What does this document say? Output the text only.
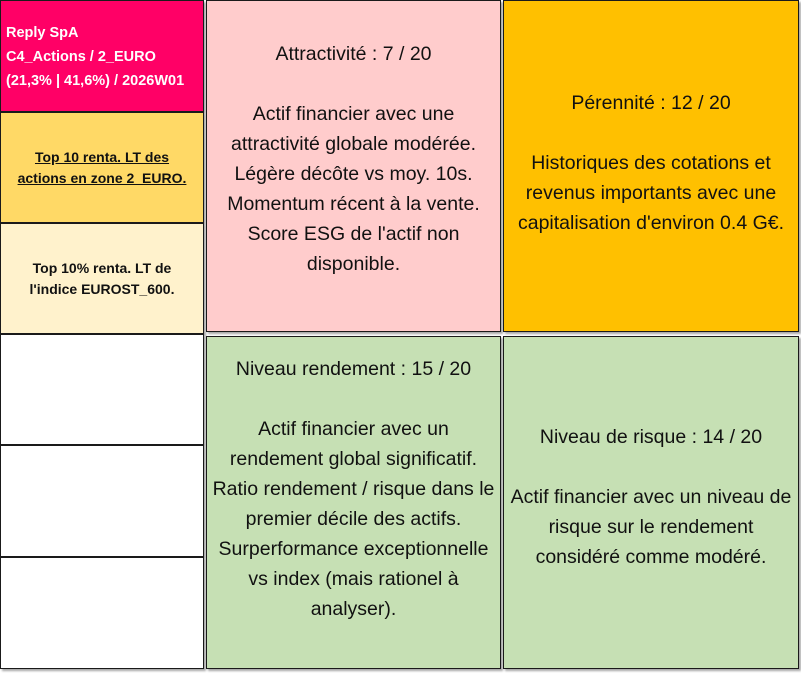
Reply SpA
C4_Actions / 2_EURO
(21,3% | 41,6%) / 2026W01
Top 10 renta. LT des
actions en zone 2_EURO.
Top 10% renta. LT de
l'indice EUROST_600.
Attractivité : 7 / 20
Actif financier avec une
attractivité globale modérée.
Légère décôte vs moy. 10s.
Momentum récent à la vente.
Score ESG de l'actif non
disponible.
Pérennité : 12 / 20
Historiques des cotations et
revenus importants avec une
capitalisation d'environ 0.4 G€.
Niveau rendement : 15 / 20
Actif financier avec un
rendement global significatif.
Ratio rendement / risque dans le
premier décile des actifs.
Surperformance exceptionnelle
vs index (mais rationel à
analyser).
Niveau de risque : 14 / 20
Actif financier avec un niveau de
risque sur le rendement
considéré comme modéré.
